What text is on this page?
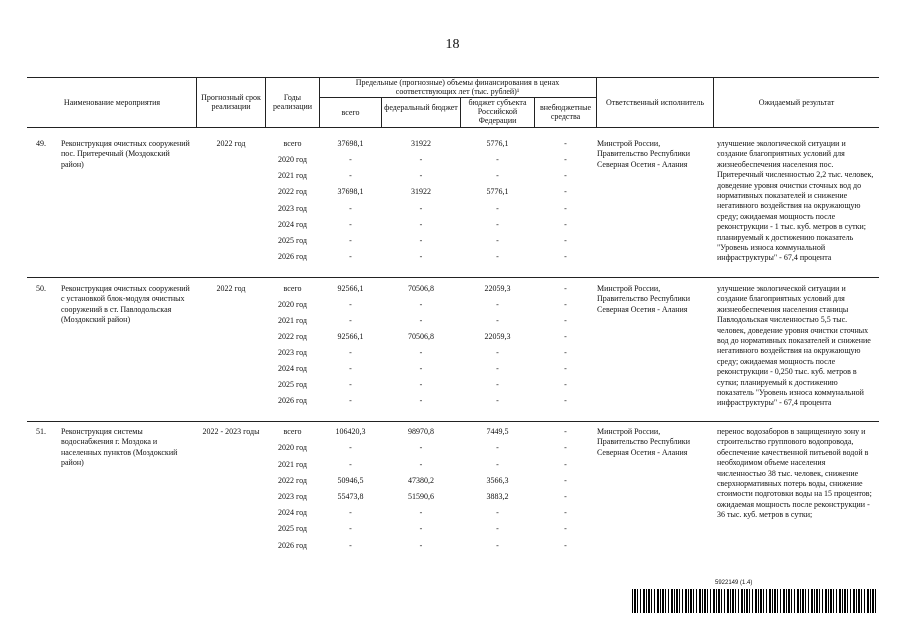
18
Наименование мероприятия
Прогнозный срок реализации
Годы реализации
Предельные (прогнозные) объемы финансирования в ценах соответствующих лет (тыс. рублей)¹
всего
федеральный бюджет
бюджет субъекта Российской Федерации
внебюджетные средства
Ответственный исполнитель	Ожидаемый результат
49. Реконструкция очистных сооружений пос. Притеречный (Моздокский район)
2022 год	всего	37698,1	31922	5776,1	-
2020 год	-	-	-	-
2021 год	-	-	-	-
2022 год	37698,1	31922	5776,1	-
2023 год	-	-	-	-
2024 год	-	-	-	-
2025 год	-	-	-	-
2026 год	-	-	-	-
Минстрой России, Правительство Республики Северная Осетия - Алания
улучшение экологической ситуации и создание благоприятных условий для жизнеобеспечения населения пос. Притеречный численностью 2,2 тыс. человек, доведение уровня очистки сточных вод до нормативных показателей и снижение негативного воздействия на окружающую среду; ожидаемая мощность после реконструкции - 1 тыс. куб. метров в сутки; планируемый к достижению показатель "Уровень износа коммунальной инфраструктуры" - 67,4 процента
50. Реконструкция очистных сооружений с установкой блок-модуля очистных сооружений в ст. Павлодольская (Моздокский район)
2022 год	всего	92566,1	70506,8	22059,3	-
2020 год	-	-	-	-
2021 год	-	-	-	-
2022 год	92566,1	70506,8	22059,3	-
2023 год	-	-	-	-
2024 год	-	-	-	-
2025 год	-	-	-	-
2026 год	-	-	-	-
Минстрой России, Правительство Республики Северная Осетия - Алания
улучшение экологической ситуации и создание благоприятных условий для жизнеобеспечения населения станицы Павлодольская численностью 5,5 тыс. человек, доведение уровня очистки сточных вод до нормативных показателей и снижение негативного воздействия на окружающую среду; ожидаемая мощность после реконструкции - 0,250 тыс. куб. метров в сутки; планируемый к достижению показатель "Уровень износа коммунальной инфраструктуры" - 67,4 процента
51. Реконструкция системы водоснабжения г. Моздока и населенных пунктов (Моздокский район)
2022 - 2023 годы	всего	106420,3	98970,8	7449,5	-
2020 год	-	-	-	-
2021 год	-	-	-	-
2022 год	50946,5	47380,2	3566,3	-
2023 год	55473,8	51590,6	3883,2	-
2024 год	-	-	-	-
2025 год	-	-	-	-
2026 год	-	-	-	-
Минстрой России, Правительство Республики Северная Осетия - Алания
перенос водозаборов в защищенную зону и строительство группового водопровода, обеспечение качественной питьевой водой в необходимом объеме населения численностью 38 тыс. человек, снижение сверхнормативных потерь воды, снижение стоимости подготовки воды на 15 процентов; ожидаемая мощность после реконструкции - 36 тыс. куб. метров в сутки;
5922149 (1.4)
